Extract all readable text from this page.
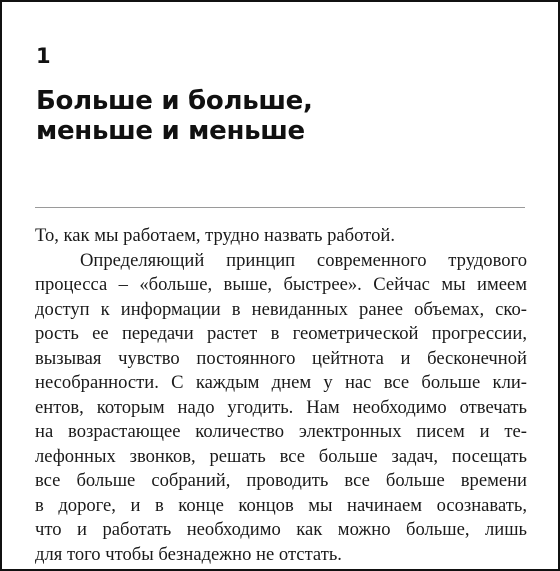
1
Больше и больше,
меньше и меньше

То, как мы работаем, трудно назвать работой.

Определяющий принцип современного трудового
процесса – «больше, выше, быстрее». Сейчас мы имеем
доступ к информации в невиданных ранее объемах, ско-
рость ее передачи растет в геометрической прогрессии,
вызывая чувство постоянного цейтнота и бесконечной
несобранности. С каждым днем у нас все больше кли-
ентов, которым надо угодить. Нам необходимо отвечать
на возрастающее количество электронных писем и те-
лефонных звонков, решать все больше задач, посещать
все больше собраний, проводить все больше времени
в дороге, и в конце концов мы начинаем осознавать,
что и работать необходимо как можно больше, лишь
для того чтобы безнадежно не отстать.
